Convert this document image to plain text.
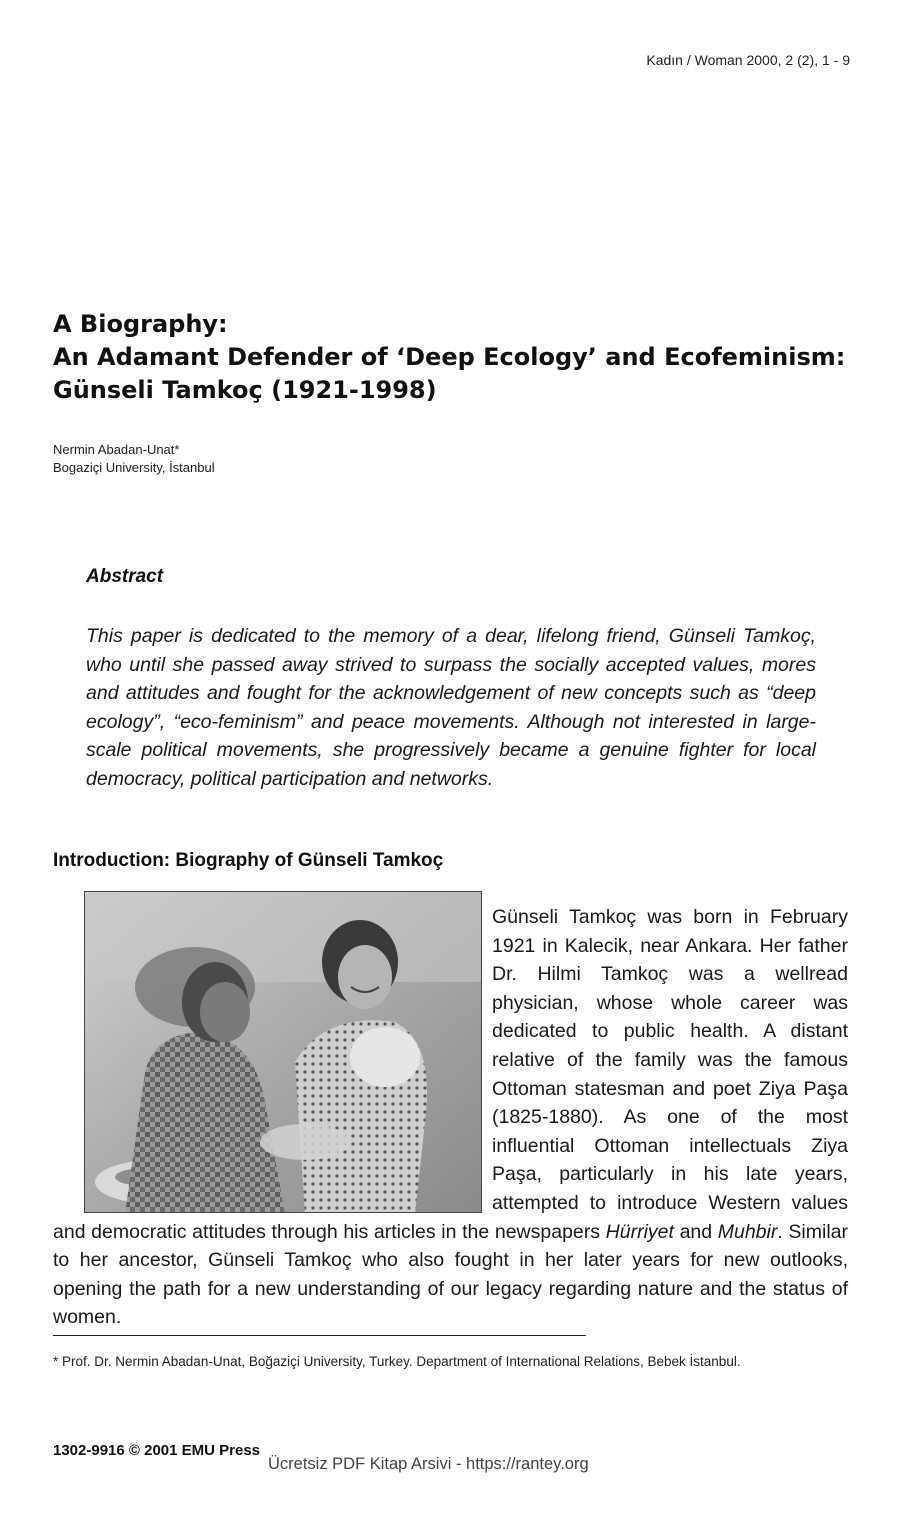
Kadın / Woman 2000, 2 (2), 1 - 9
A Biography:
An Adamant Defender of ‘Deep Ecology’ and Ecofeminism:
Günseli Tamkoç (1921-1998)
Nermin Abadan-Unat*
Bogaziçi University, İstanbul
Abstract
This paper is dedicated to the memory of a dear, lifelong friend, Günseli Tamkoç, who until she passed away strived to surpass the socially accepted values, mores and attitudes and fought for the acknowledgement of new concepts such as “deep ecology”, “eco-feminism” and peace movements. Although not interested in large-scale political movements, she progressively became a genuine fighter for local democracy, political participation and networks.
Introduction: Biography of Günseli Tamkoç
Günseli Tamkoç was born in February 1921 in Kalecik, near Ankara. Her father Dr. Hilmi Tamkoç was a wellread physician, whose whole career was dedicated to public health. A distant relative of the family was the famous Ottoman statesman and poet Ziya Paşa (1825-1880). As one of the most influential Ottoman intellectuals Ziya Paşa, particularly in his late years, attempted to introduce Western values and democratic attitudes through his articles in the newspapers Hürriyet and Muhbir. Similar to her ancestor, Günseli Tamkoç who also fought in her later years for new outlooks, opening the path for a new understanding of our legacy regarding nature and the status of women.
* Prof. Dr. Nermin Abadan-Unat, Boğaziçi University, Turkey. Department of International Relations, Bebek İstanbul.
1302-9916 © 2001 EMU Press
Ücretsiz PDF Kitap Arsivi - https://rantey.org
